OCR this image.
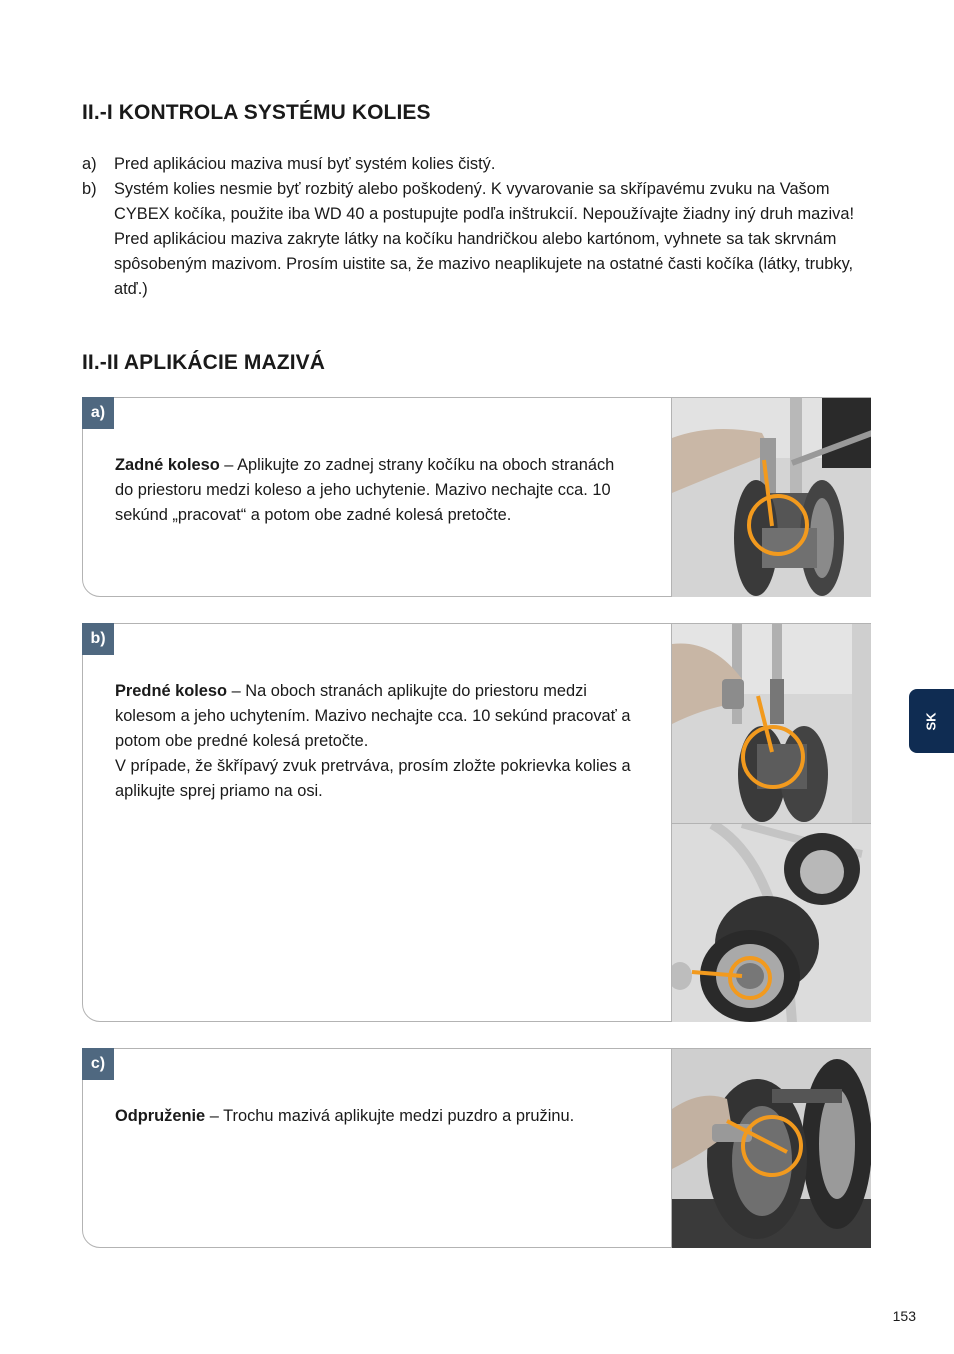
II.-I KONTROLA SYSTÉMU KOLIES
a) Pred aplikáciou maziva musí byť systém kolies čistý.
b) Systém kolies nesmie byť rozbitý alebo poškodený. K vyvarovanie sa skřípavému zvuku na Vašom CYBEX kočíka, použite iba WD 40 a postupujte podľa inštrukcií. Nepoužívajte žiadny iný druh maziva! Pred aplikáciou maziva zakryte látky na kočíku handričkou alebo kartónom, vyhnete sa tak skrvnám spôsobeným mazivom. Prosím uistite sa, že mazivo neaplikujete na ostatné časti kočíka (látky, trubky, atď.)
II.-II APLIKÁCIE MAZIVÁ
a)
Zadné koleso – Aplikujte zo zadnej strany kočíku na oboch stranách do priestoru medzi koleso a jeho uchytenie. Mazivo nechajte cca. 10 sekúnd „pracovat“ a potom obe zadné kolesá pretočte.
b)
Predné koleso – Na oboch stranách aplikujte do priestoru medzi kolesom a jeho uchytením. Mazivo nechajte cca. 10 sekúnd pracovať a potom obe predné kolesá pretočte.
V prípade, že škřípavý zvuk pretrváva, prosím zložte pokrievka kolies a aplikujte sprej priamo na osi.
c)
Odpruženie – Trochu mazivá aplikujte medzi puzdro a pružinu.
SK
153
